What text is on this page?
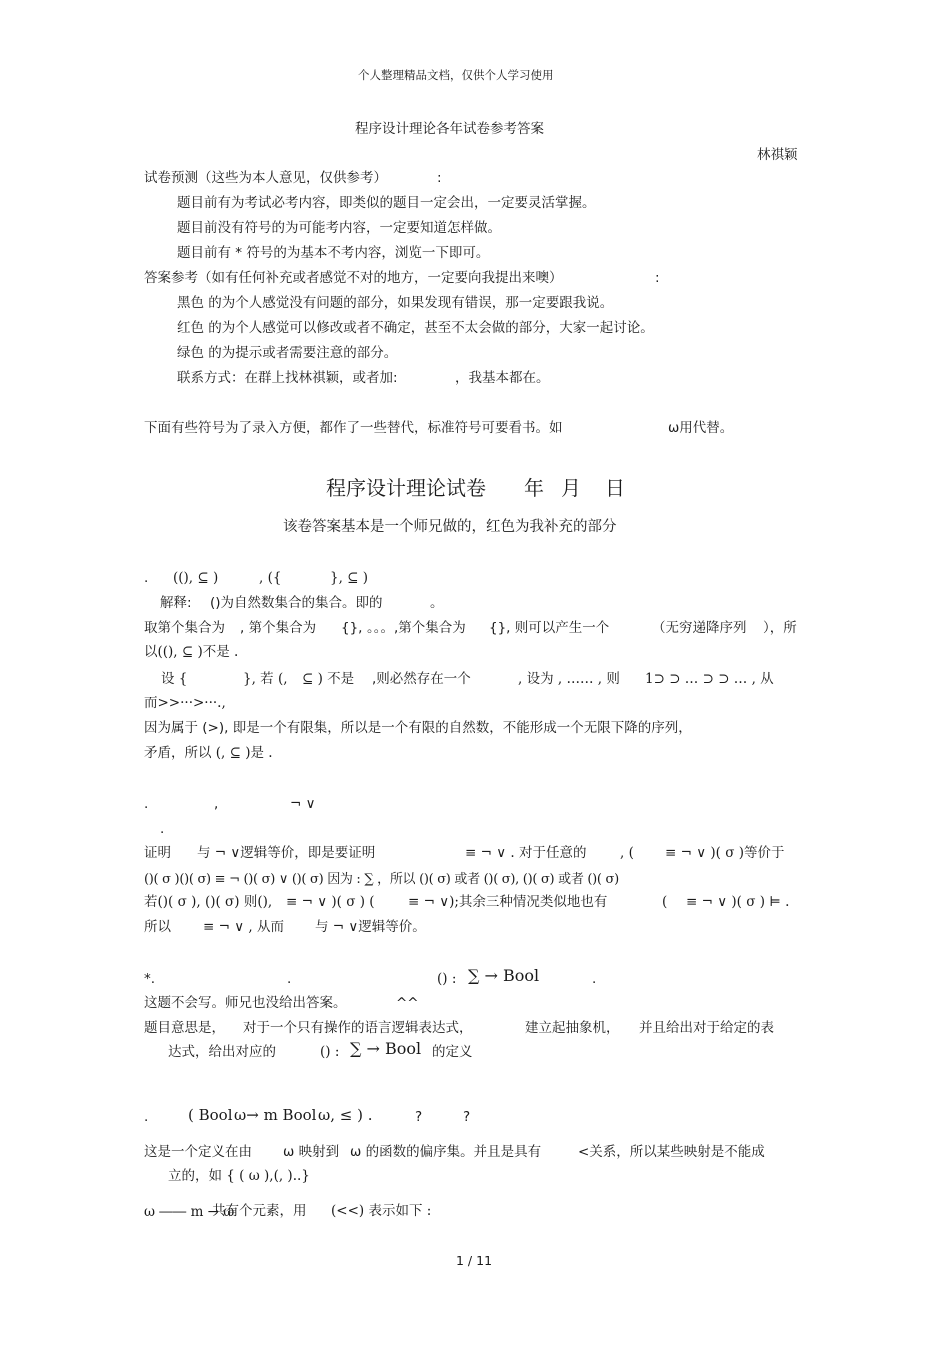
个人整理精品文档，仅供个人学习使用
程序设计理论各年试卷参考答案
林祺颖
试卷预测（这些为本人意见，仅供参考）	:
题目前有为考试必考内容，即类似的题目一定会出，一定要灵活掌握。
题目前没有符号的为可能考内容，一定要知道怎样做。
题目前有 * 符号的为基本不考内容，浏览一下即可。
答案参考（如有任何补充或者感觉不对的地方，一定要向我提出来噢）	:
黑色 的为个人感觉没有问题的部分，如果发现有错误，那一定要跟我说。
红色 的为个人感觉可以修改或者不确定，甚至不太会做的部分，大家一起讨论。
绿色 的为提示或者需要注意的部分。
联系方式：在群上找林祺颖，或者加:	，我基本都在。
下面有些符号为了录入方便，都作了一些替代，标准符号可要看书。如	ω用代替。
程序设计理论试卷 年 月 日
该卷答案基本是一个师兄做的，红色为我补充的部分
. ((), ⊆ )	, ({	}, ⊆ )
解释: ()为自然数集合的集合。即的	。
取第个集合为 , 第个集合为 {}, 。。。,第个集合为 {}, 则可以产生一个	（无穷递降序列 ），所
以((), ⊆ )不是 .
设 {	}, 若 (, ⊆ ) 不是 ,则必然存在一个	, 设为 , …… , 则 1⊃ ⊃ … ⊃ ⊃ … , 从
而>>···>···.,
因为属于 (>), 即是一个有限集，所以是一个有限的自然数，不能形成一个无限下降的序列，
矛盾，所以 (, ⊆ )是 .
.	,	¬ ∨
.
证明 与 ¬ ∨逻辑等价，即是要证明	≡ ¬ ∨ . 对于任意的 , ( ≡ ¬ ∨ )( σ )等价于
()( σ )()( σ) ≡ ¬ ()( σ) ∨ ()( σ) 因为 : ∑ ，所以 ()( σ) 或者 ()( σ), ()( σ) 或者 ()( σ)
若()( σ ), ()( σ) 则(), ≡ ¬ ∨ )( σ ) ( ≡ ¬ ∨);其余三种情况类似地也有	( ≡ ¬ ∨ )( σ ) ⊨ .
所以 ≡ ¬ ∨ , 从而 与 ¬ ∨逻辑等价。
*.	.	() : ∑ → Bool	.
这题不会写。师兄也没给出答案。	^^
题目意思是， 对于一个只有操作的语言逻辑表达式，	建立起抽象机， 并且给出对于给定的表
达式，给出对应的	() : ∑ → Bool 的定义
.	( Bool ω→ m Bool ω, ≤ ) .	?	?
这是一个定义在由 ω 映射到 ω 的函数的偏序集。并且是具有	<关系，所以某些映射是不能成
立的，如 { ( ω ),(, )..}
ω ―― m → ω
共有个元素，用 (<<) 表示如下 :
1 / 11
